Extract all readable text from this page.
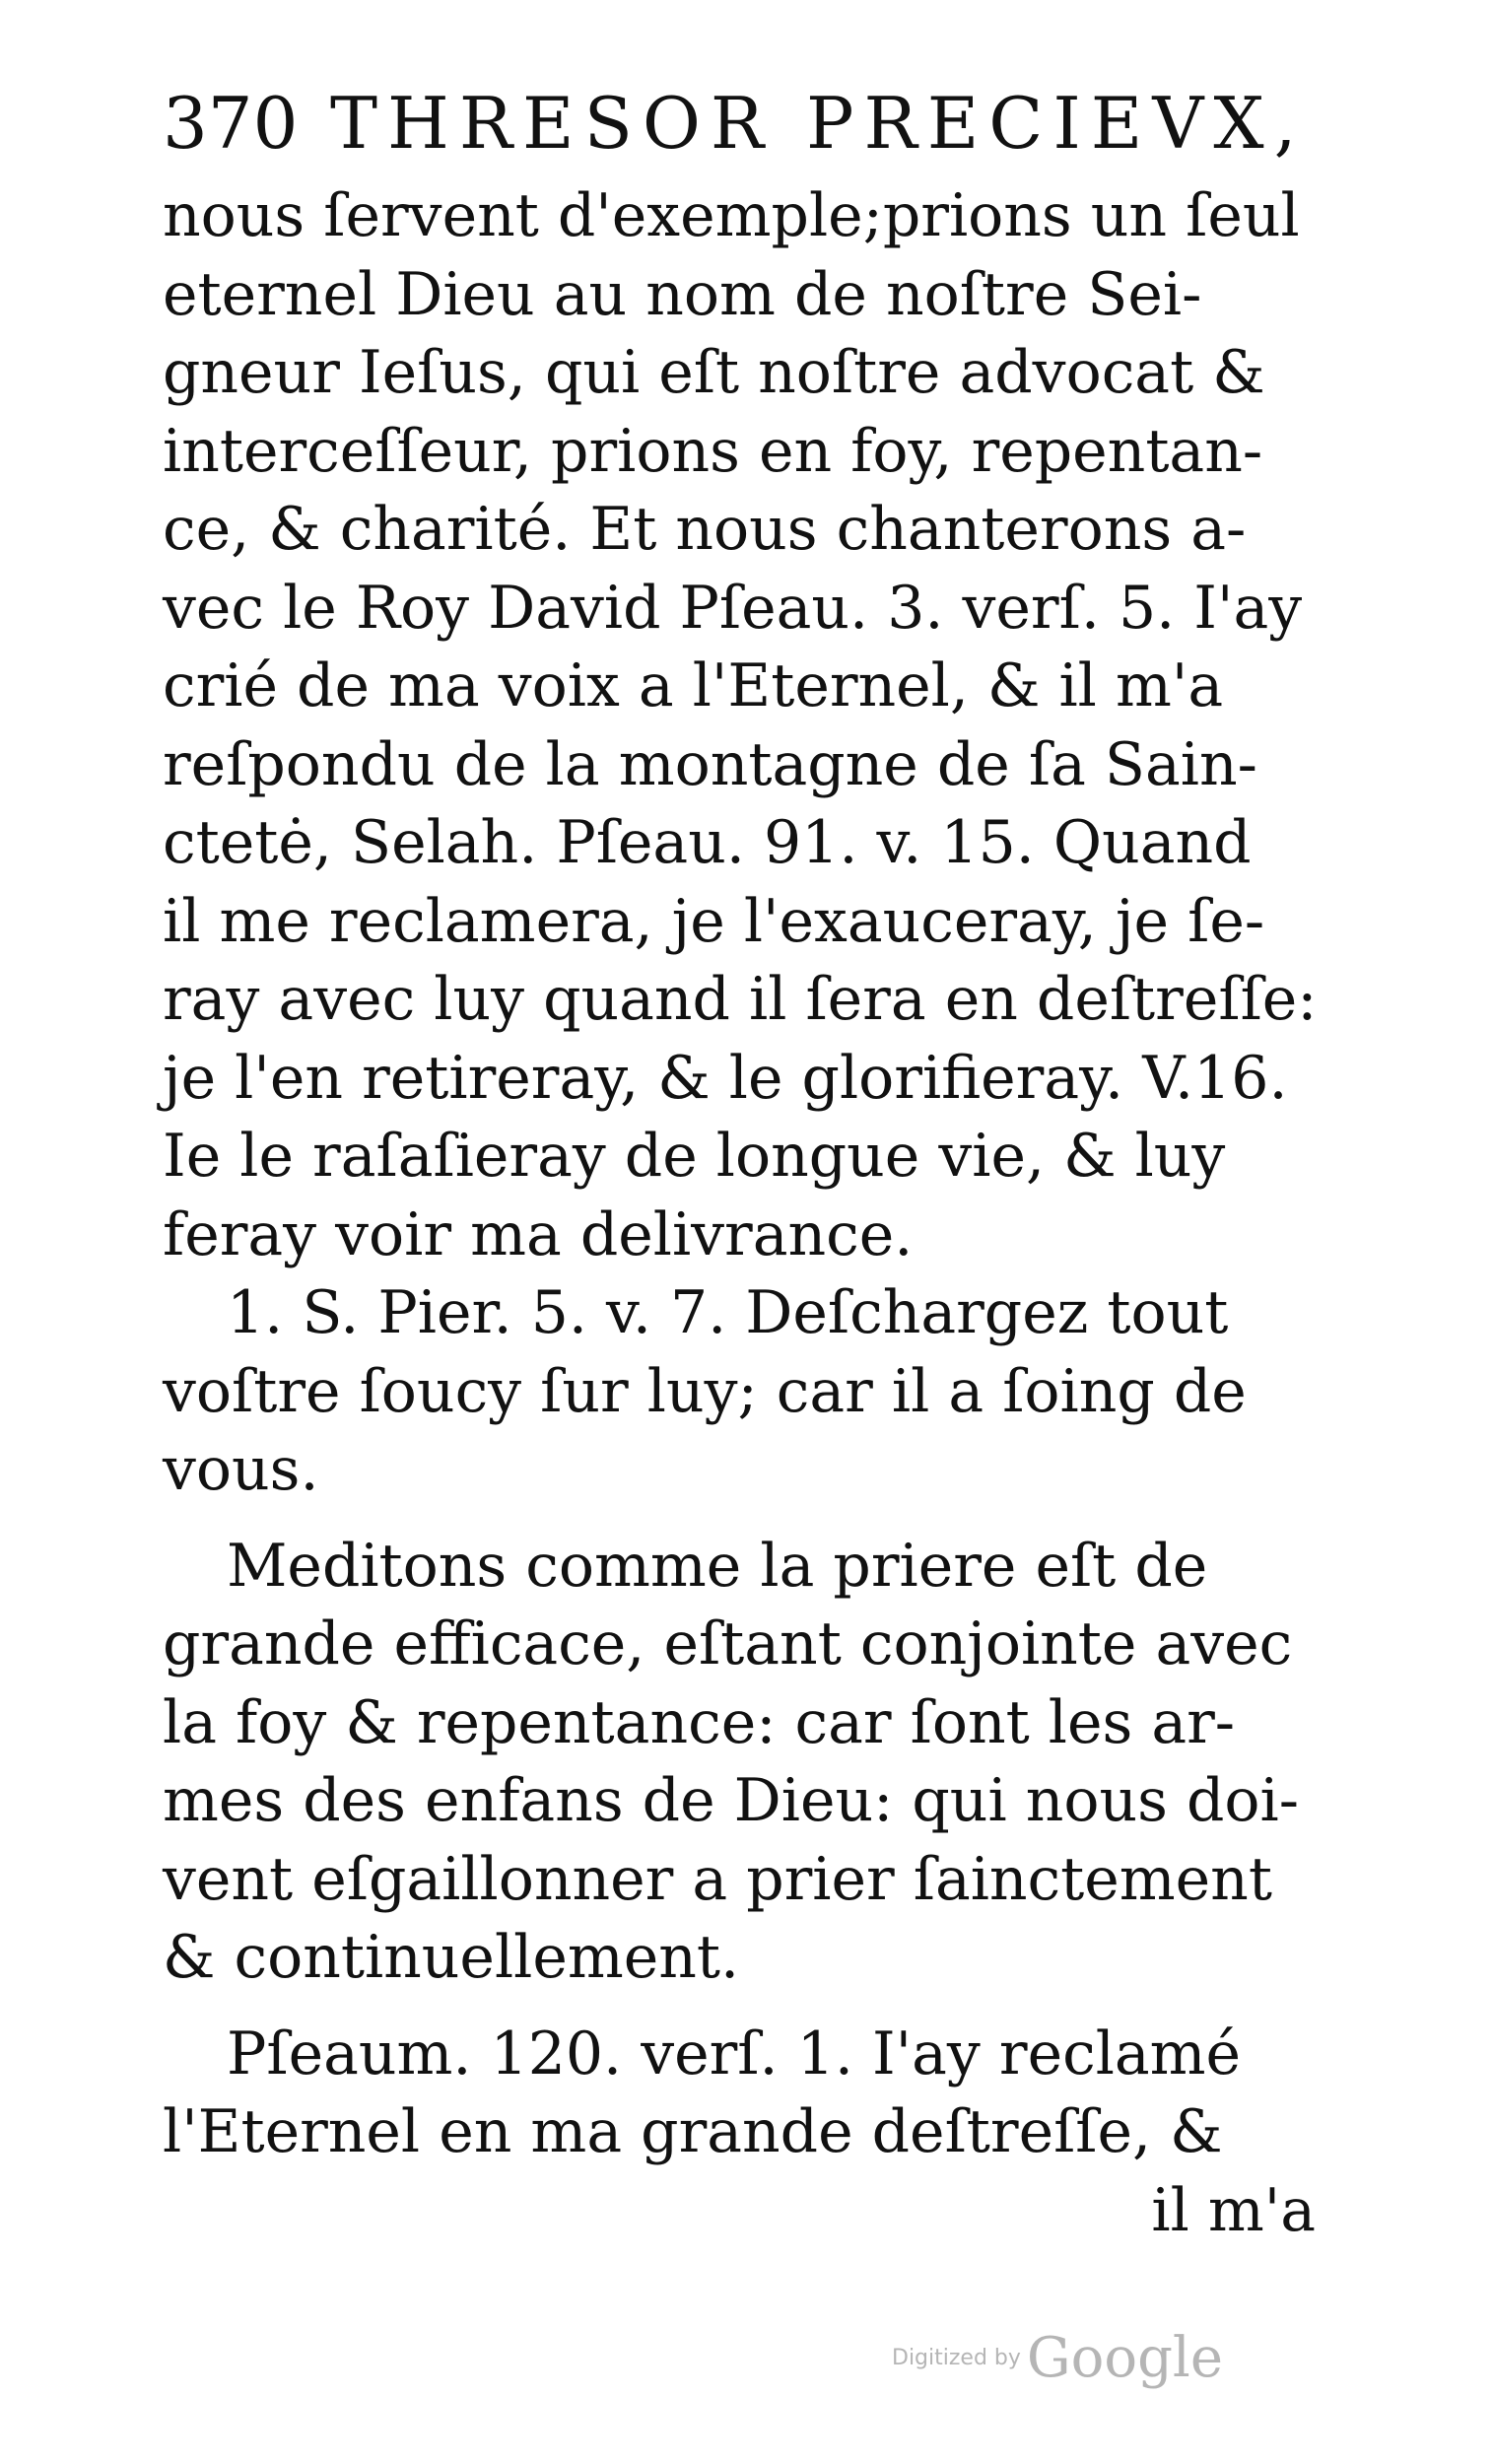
370 THRESOR PRECIEVX,
nous ſervent d'exemple;prions un ſeul
eternel Dieu au nom de noſtre Sei-
gneur Ieſus, qui eſt noſtre advocat &
interceſſeur, prions en foy, repentan-
ce, & charité. Et nous chanterons a-
vec le Roy David Pſeau. 3. verſ. 5. I'ay
crié de ma voix a l'Eternel, & il m'a
reſpondu de la montagne de ſa Sain-
ctetė, Selah. Pſeau. 91. v. 15. Quand
il me reclamera, je l'exauceray, je ſe-
ray avec luy quand il ſera en deſtreſſe:
je l'en retireray, & le glorifieray. V.16.
Ie le raſaſieray de longue vie, & luy
feray voir ma delivrance.
1. S. Pier. 5. v. 7. Deſchargez tout
voſtre ſoucy ſur luy; car il a ſoing de
vous.
Meditons comme la priere eſt de
grande efficace, eſtant conjointe avec
la foy & repentance: car ſont les ar-
mes des enfans de Dieu: qui nous doi-
vent eſgaillonner a prier ſainctement
& continuellement.
Pſeaum. 120. verſ. 1. I'ay reclamé
l'Eternel en ma grande deſtreſſe, &
il m'a
Digitized by Google
